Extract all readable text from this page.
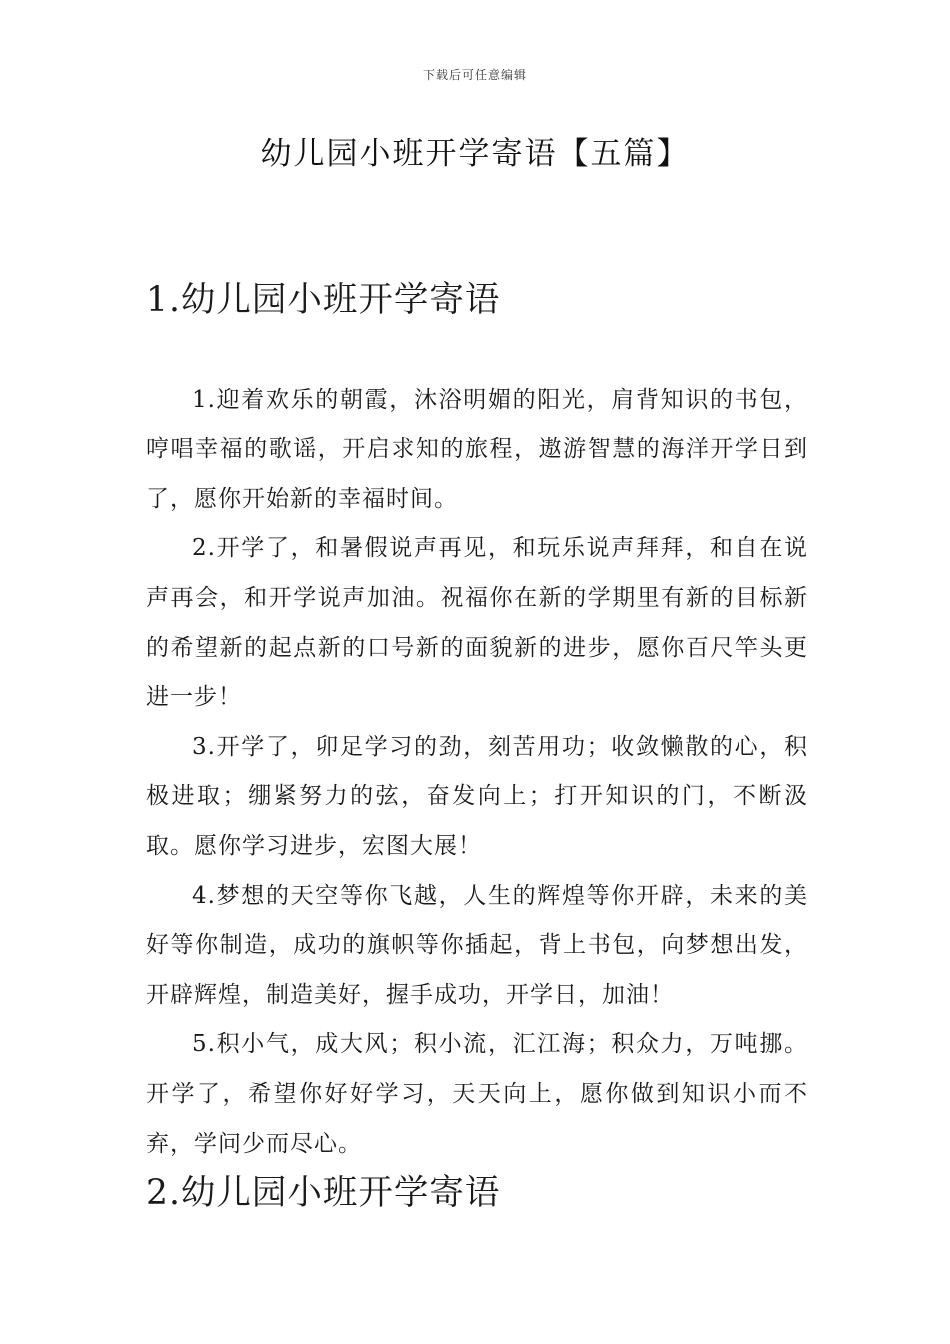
下载后可任意编辑
幼儿园小班开学寄语【五篇】
1.幼儿园小班开学寄语

1.迎着欢乐的朝霞，沐浴明媚的阳光，肩背知识的书包，哼唱幸福的歌谣，开启求知的旅程，遨游智慧的海洋开学日到了，愿你开始新的幸福时间。

2.开学了，和暑假说声再见，和玩乐说声拜拜，和自在说声再会，和开学说声加油。祝福你在新的学期里有新的目标新的希望新的起点新的口号新的面貌新的进步，愿你百尺竿头更进一步！

3.开学了，卯足学习的劲，刻苦用功；收敛懒散的心，积极进取；绷紧努力的弦，奋发向上；打开知识的门，不断汲取。愿你学习进步，宏图大展！

4.梦想的天空等你飞越，人生的辉煌等你开辟，未来的美好等你制造，成功的旗帜等你插起，背上书包，向梦想出发，开辟辉煌，制造美好，握手成功，开学日，加油！

5.积小气，成大风；积小流，汇江海；积众力，万吨挪。开学了，希望你好好学习，天天向上，愿你做到知识小而不弃，学问少而尽心。

2.幼儿园小班开学寄语
